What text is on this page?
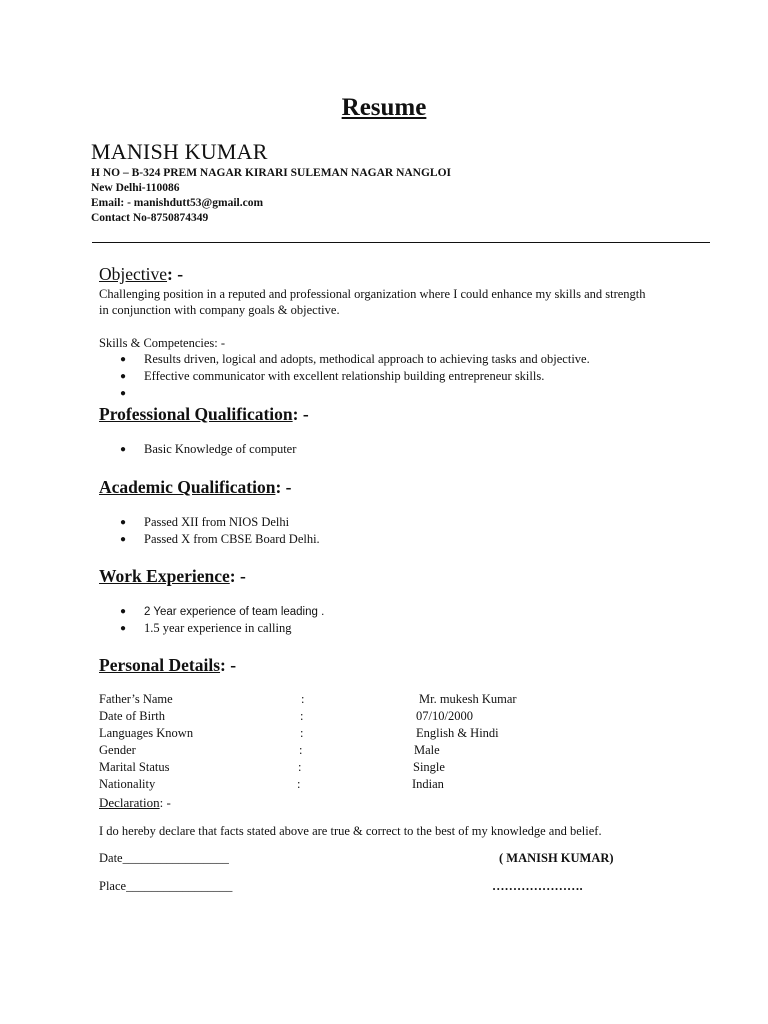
Resume
MANISH KUMAR
H NO – B-324 PREM NAGAR KIRARI SULEMAN NAGAR NANGLOI
New Delhi-110086
Email: - manishdutt53@gmail.com
Contact No-8750874349
Objective: -
Challenging position in a reputed and professional organization where I could enhance my skills and strength
in conjunction with company goals & objective.
Skills & Competencies: -
● Results driven, logical and adopts, methodical approach to achieving tasks and objective.
● Effective communicator with excellent relationship building entrepreneur skills.
●
Professional Qualification: -
● Basic Knowledge of computer
Academic Qualification: -
● Passed XII from NIOS Delhi
● Passed X from CBSE Board Delhi.
Work Experience: -
● 2 Year experience of team leading .
● 1.5 year experience in calling
Personal Details: -
Father’s Name	:	Mr. mukesh Kumar
Date of Birth	:	07/10/2000
Languages Known	:	English & Hindi
Gender	:	Male
Marital Status	:	Single
Nationality	:	Indian
Declaration: -
I do hereby declare that facts stated above are true & correct to the best of my knowledge and belief.
Date_________________
Place_________________
( MANISH KUMAR)
………………….
